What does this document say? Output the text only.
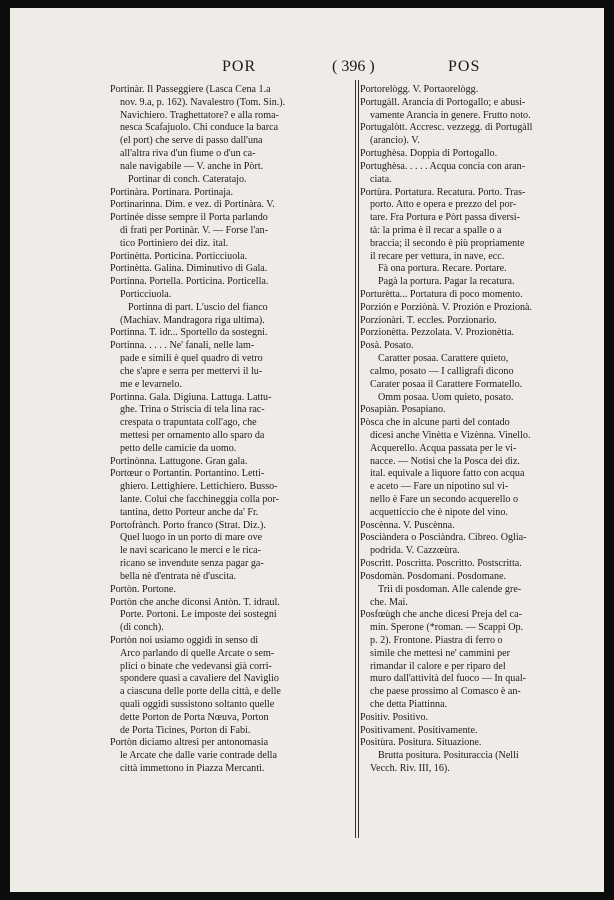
POR	( 396 )	POS
Portinàr. Il Passeggiere (Lasca Cena 1.a
nov. 9.a, p. 162). Navalestro (Tom. Sin.).
Navichiero. Traghettatore? e alla roma-
nesca Scafajuolo. Chi conduce la barca
(el port) che serve di passo dall'una
all'altra riva d'un fiume o d'un ca-
nale navigabile — V. anche in Pòrt.
Portinar di conch. Cateratajo.
Portinàra. Portinara. Portinaja.
Portinarinna. Dim. e vez. di Portinàra. V.
Portinée disse sempre il Porta parlando
di frati per Portinàr. V. — Forse l'an-
tico Portiniero dei diz. ital.
Portinètta. Porticina. Porticciuola.
Portinètta. Galina. Diminutivo di Gala.
Portinna. Portella. Porticina. Porticella.
Porticciuola.
Portinna di part. L'uscio del fianco
(Machiav. Mandragora riga ultima).
Portinna. T. idr... Sportello da sostegni.
Portinna. . . . . Ne' fanali, nelle lam-
pade e simili è quel quadro di vetro
che s'apre e serra per mettervi il lu-
me e levarnelo.
Portinna. Gala. Digiuna. Lattuga. Lattu-
ghe. Trina o Striscia di tela lina rac-
crespata o trapuntata coll'ago, che
mettesi per ornamento allo sparo da
petto delle camicie da uomo.
Portinònna. Lattugone. Gran gala.
Portœur o Portantin. Portantino. Letti-
ghiero. Lettighiere. Lettichiero. Busso-
lante. Colui che facchineggia colla por-
tantina, detto Porteur anche da' Fr.
Portofrànch. Porto franco (Strat. Diz.).
Quel luogo in un porto di mare ove
le navi scaricano le merci e le rica-
ricano se invendute senza pagar ga-
bella nè d'entrata nè d'uscita.
Portòn. Portone.
Portòn che anche diconsi Antòn. T. idraul.
Porte. Portoni. Le imposte dei sostegni
(di conch).
Portòn noi usiamo oggidì in senso di
Arco parlando di quelle Arcate o sem-
plici o binate che vedevansi già corri-
spondere quasi a cavaliere del Naviglio
a ciascuna delle porte della città, e delle
quali oggidì sussistono soltanto quelle
dette Porton de Porta Nœuva, Porton
de Porta Ticines, Porton di Fabi.
Portòn diciamo altresì per antonomasia
le Arcate che dalle varie contrade della
città immettono in Piazza Mercanti.
Portorelògg. V. Portaorelògg.
Portugàll. Arancia di Portogallo; e abusi-
vamente Arancia in genere. Frutto noto.
Portugalòtt. Accresc. vezzegg. di Portugàll
(arancio). V.
Portughèsa. Doppia di Portogallo.
Portughèsa. . . . . Acqua concia con aran-
ciata.
Portùra. Portatura. Recatura. Porto. Tras-
porto. Atto e opera e prezzo del por-
tare. Fra Portura e Pòrt passa diversi-
tà: la prima è il recar a spalle o a
braccia; il secondo è più propriamente
il recare per vettura, in nave, ecc.
Fà ona portura. Recare. Portare.
Pagà la portura. Pagar la recatura.
Porturètta... Portatura di poco momento.
Porzión e Porziònà. V. Prozión e Prozionà.
Porzionàri. T. eccles. Porzionario.
Porzionètta. Pezzolata. V. Prozionètta.
Posà. Posato.
Caratter posaa. Carattere quieto,
calmo, posato — I calligrafi dicono
Carater posaa il Carattere Formatello.
Omm posaa. Uom quieto, posato.
Posapiàn. Posapiano.
Pòsca che in alcune parti del contado
dicesi anche Vinètta e Vizènna. Vinello.
Acquerello. Acqua passata per le vi-
nacce. — Notisi che la Posca dei diz.
ital. equivale a liquore fatto con acqua
e aceto — Fare un nipotino sul vi-
nello è Fare un secondo acquerello o
acquetticcio che è nipote del vino.
Poscènna. V. Puscènna.
Posciàndera o Posciàndra. Cibreo. Oglia-
podrida. V. Cazzœùra.
Poscrìtt. Poscritta. Poscritto. Postscritta.
Posdomàn. Posdomani. Posdomane.
Trii di posdoman. Alle calende gre-
che. Mai.
Posfœùgh che anche dicesi Preja del ca-
min. Sperone (*roman. — Scappi Op.
p. 2). Frontone. Piastra di ferro o
simile che mettesi ne' cammini per
rimandar il calore e per riparo del
muro dall'attività del fuoco — In qual-
che paese prossimo al Comasco è an-
che detta Piattinna.
Positiv. Positivo.
Positivament. Positivamente.
Positùra. Positura. Situazione.
Brutta positura. Posituraccia (Nelli
Vecch. Riv. III, 16).
